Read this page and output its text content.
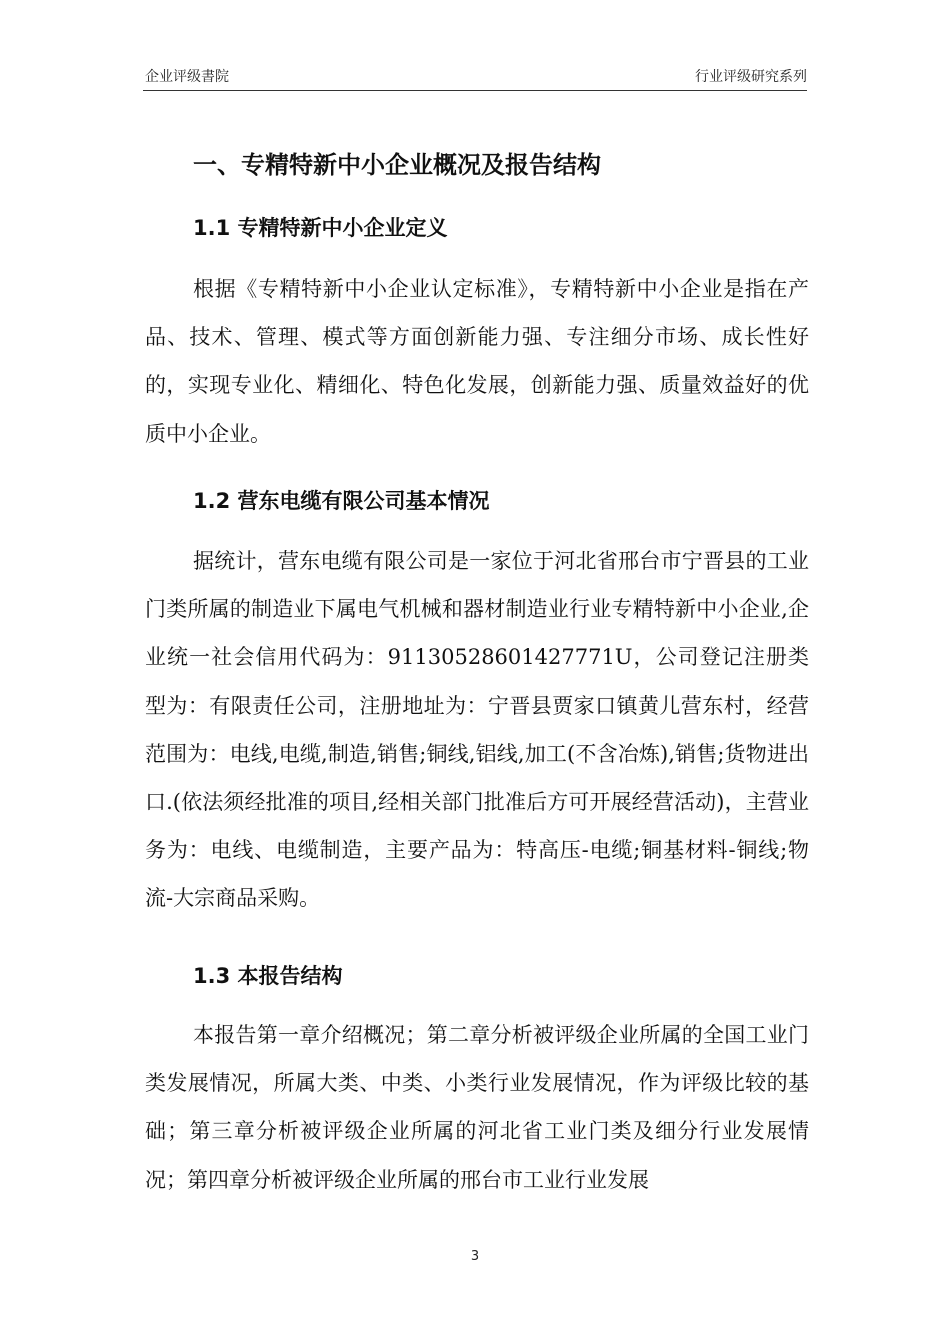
企业评级書院	行业评级研究系列
一、专精特新中小企业概况及报告结构
1.1 专精特新中小企业定义

根据《专精特新中小企业认定标准》，专精特新中小企业是指在产品、技术、管理、模式等方面创新能力强、专注细分市场、成长性好的，实现专业化、精细化、特色化发展，创新能力强、质量效益好的优质中小企业。

1.2 营东电缆有限公司基本情况

据统计，营东电缆有限公司是一家位于河北省邢台市宁晋县的工业门类所属的制造业下属电气机械和器材制造业行业专精特新中小企业,企业统一社会信用代码为：91130528601427771U，公司登记注册类型为：有限责任公司，注册地址为：宁晋县贾家口镇黄儿营东村，经营范围为：电线,电缆,制造,销售;铜线,铝线,加工(不含冶炼),销售;货物进出口.(依法须经批准的项目,经相关部门批准后方可开展经营活动)，主营业务为：电线、电缆制造，主要产品为：特高压-电缆;铜基材料-铜线;物流-大宗商品采购。

1.3 本报告结构

本报告第一章介绍概况；第二章分析被评级企业所属的全国工业门类发展情况，所属大类、中类、小类行业发展情况，作为评级比较的基础；第三章分析被评级企业所属的河北省工业门类及细分行业发展情况；第四章分析被评级企业所属的邢台市工业行业发展

3
